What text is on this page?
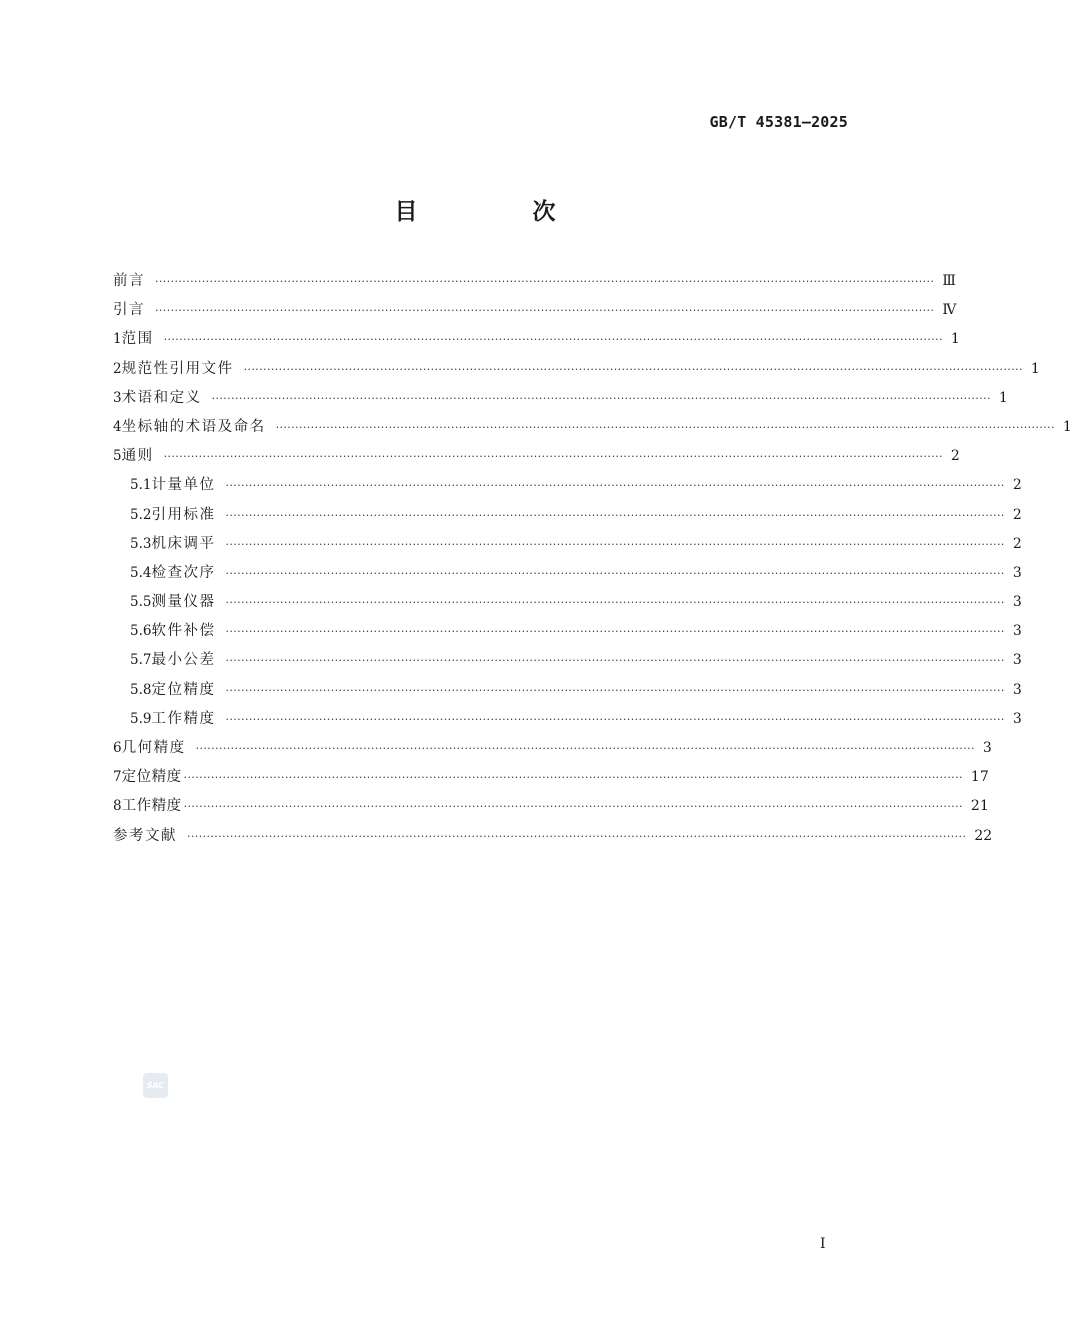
GB/T 45381—2025
目　次
前言 ········································································································································································································ Ⅲ
引言 ········································································································································································································ Ⅳ
1 范围 ········································································································································································································ 1
2 规范性引用文件 ········································································································································································································ 1
3 术语和定义 ········································································································································································································ 1
4 坐标轴的术语及命名 ········································································································································································································ 1
5 通则 ········································································································································································································ 2
5.1 计量单位 ········································································································································································································ 2
5.2 引用标准 ········································································································································································································ 2
5.3 机床调平 ········································································································································································································ 2
5.4 检查次序 ········································································································································································································ 3
5.5 测量仪器 ········································································································································································································ 3
5.6 软件补偿 ········································································································································································································ 3
5.7 最小公差 ········································································································································································································ 3
5.8 定位精度 ········································································································································································································ 3
5.9 工作精度 ········································································································································································································ 3
6 几何精度 ········································································································································································································ 3
7 定位精度 ········································································································································································································ 17
8 工作精度 ········································································································································································································ 21
参考文献 ········································································································································································································ 22
SAC
I
